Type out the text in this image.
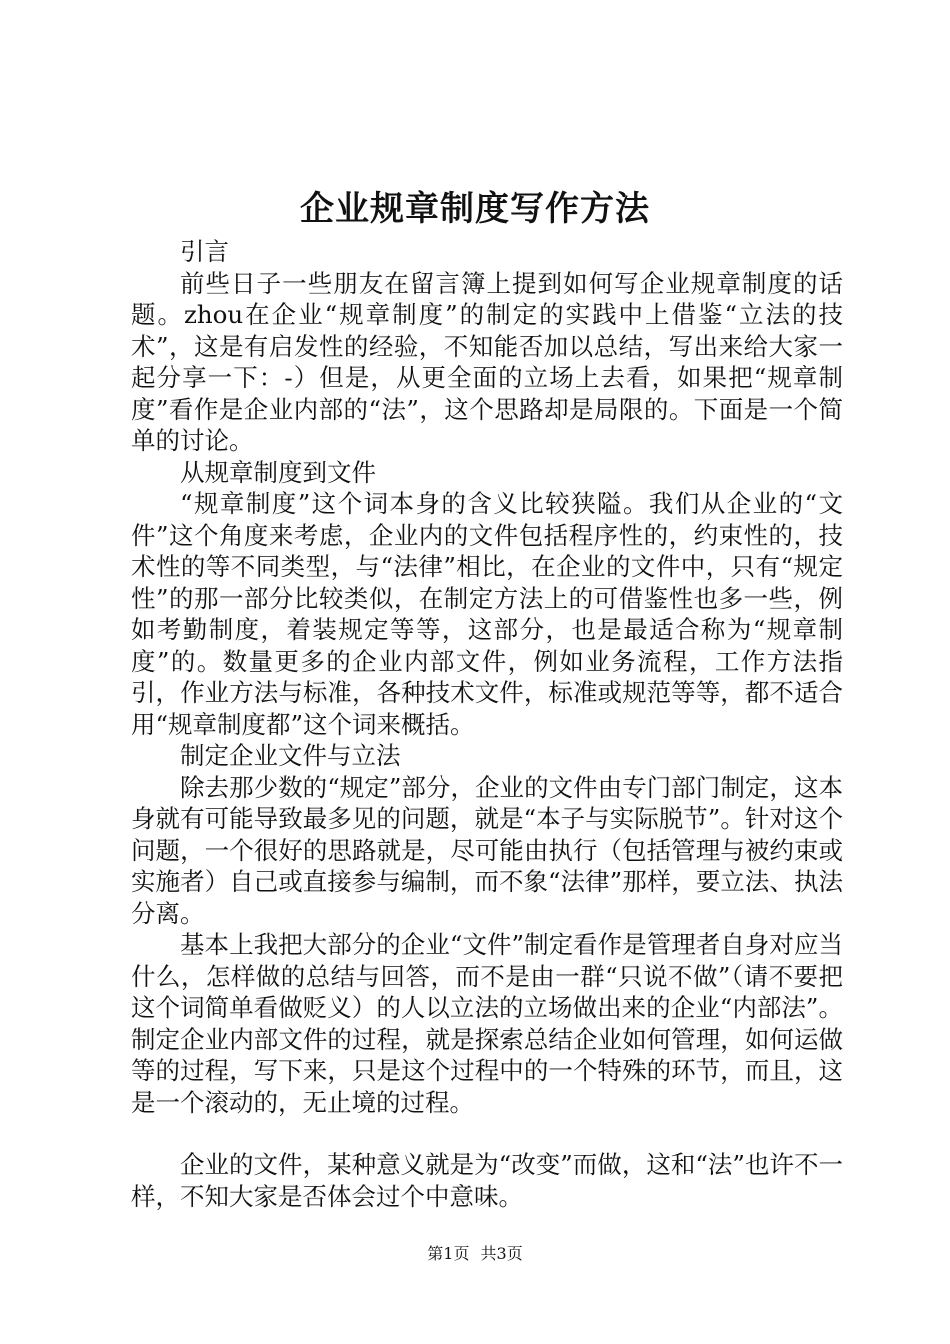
企业规章制度写作方法

引言

前些日子一些朋友在留言簿上提到如何写企业规章制度的话题。zhou在企业“规章制度”的制定的实践中上借鉴“立法的技术”，这是有启发性的经验，不知能否加以总结，写出来给大家一起分享一下：-）但是，从更全面的立场上去看，如果把“规章制度”看作是企业内部的“法”，这个思路却是局限的。下面是一个简单的讨论。

从规章制度到文件

“规章制度”这个词本身的含义比较狭隘。我们从企业的“文件”这个角度来考虑，企业内的文件包括程序性的，约束性的，技术性的等不同类型，与“法律”相比，在企业的文件中，只有“规定性”的那一部分比较类似，在制定方法上的可借鉴性也多一些，例如考勤制度，着装规定等等，这部分，也是最适合称为“规章制度”的。数量更多的企业内部文件，例如业务流程，工作方法指引，作业方法与标准，各种技术文件，标准或规范等等，都不适合用“规章制度都”这个词来概括。

制定企业文件与立法

除去那少数的“规定”部分，企业的文件由专门部门制定，这本身就有可能导致最多见的问题，就是“本子与实际脱节”。针对这个问题，一个很好的思路就是，尽可能由执行（包括管理与被约束或实施者）自己或直接参与编制，而不象“法律”那样，要立法、执法分离。

基本上我把大部分的企业“文件”制定看作是管理者自身对应当什么，怎样做的总结与回答，而不是由一群“只说不做”（请不要把这个词简单看做贬义）的人以立法的立场做出来的企业“内部法”。制定企业内部文件的过程，就是探索总结企业如何管理，如何运做等的过程，写下来，只是这个过程中的一个特殊的环节，而且，这是一个滚动的，无止境的过程。

企业的文件，某种意义就是为“改变”而做，这和“法”也许不一样，不知大家是否体会过个中意味。

第1页 共3页
